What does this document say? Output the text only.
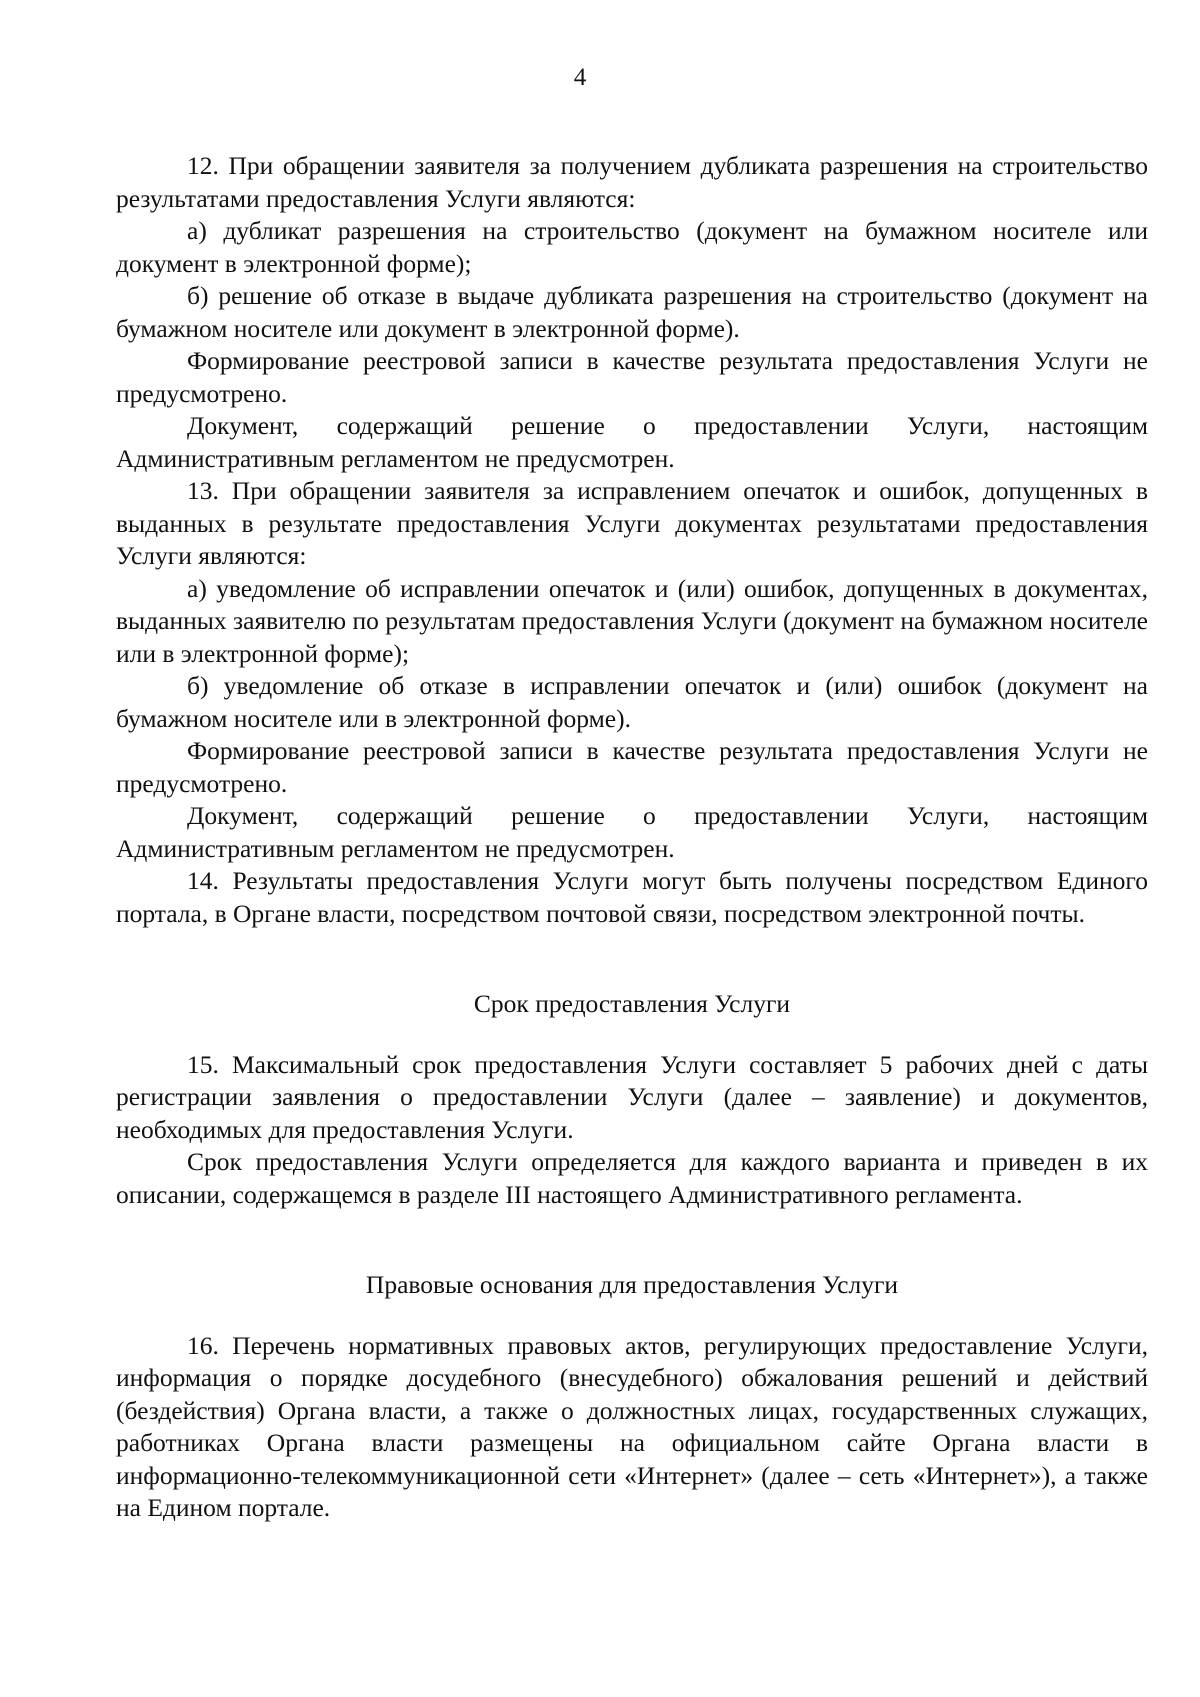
4

12. При обращении заявителя за получением дубликата разрешения на строительство результатами предоставления Услуги являются:

а) дубликат разрешения на строительство (документ на бумажном носителе или документ в электронной форме);

б) решение об отказе в выдаче дубликата разрешения на строительство (документ на бумажном носителе или документ в электронной форме).

Формирование реестровой записи в качестве результата предоставления Услуги не предусмотрено.

Документ, содержащий решение о предоставлении Услуги, настоящим Административным регламентом не предусмотрен.

13. При обращении заявителя за исправлением опечаток и ошибок, допущенных в выданных в результате предоставления Услуги документах результатами предоставления Услуги являются:

а) уведомление об исправлении опечаток и (или) ошибок, допущенных в документах, выданных заявителю по результатам предоставления Услуги (документ на бумажном носителе или в электронной форме);

б) уведомление об отказе в исправлении опечаток и (или) ошибок (документ на бумажном носителе или в электронной форме).

Формирование реестровой записи в качестве результата предоставления Услуги не предусмотрено.

Документ, содержащий решение о предоставлении Услуги, настоящим Административным регламентом не предусмотрен.

14. Результаты предоставления Услуги могут быть получены посредством Единого портала, в Органе власти, посредством почтовой связи, посредством электронной почты.

Срок предоставления Услуги

15. Максимальный срок предоставления Услуги составляет 5 рабочих дней с даты регистрации заявления о предоставлении Услуги (далее – заявление) и документов, необходимых для предоставления Услуги.

Срок предоставления Услуги определяется для каждого варианта и приведен в их описании, содержащемся в разделе III настоящего Административного регламента.

Правовые основания для предоставления Услуги

16. Перечень нормативных правовых актов, регулирующих предоставление Услуги, информация о порядке досудебного (внесудебного) обжалования решений и действий (бездействия) Органа власти, а также о должностных лицах, государственных служащих, работниках Органа власти размещены на официальном сайте Органа власти в информационно-телекоммуникационной сети «Интернет» (далее – сеть «Интернет»), а также на Едином портале.
